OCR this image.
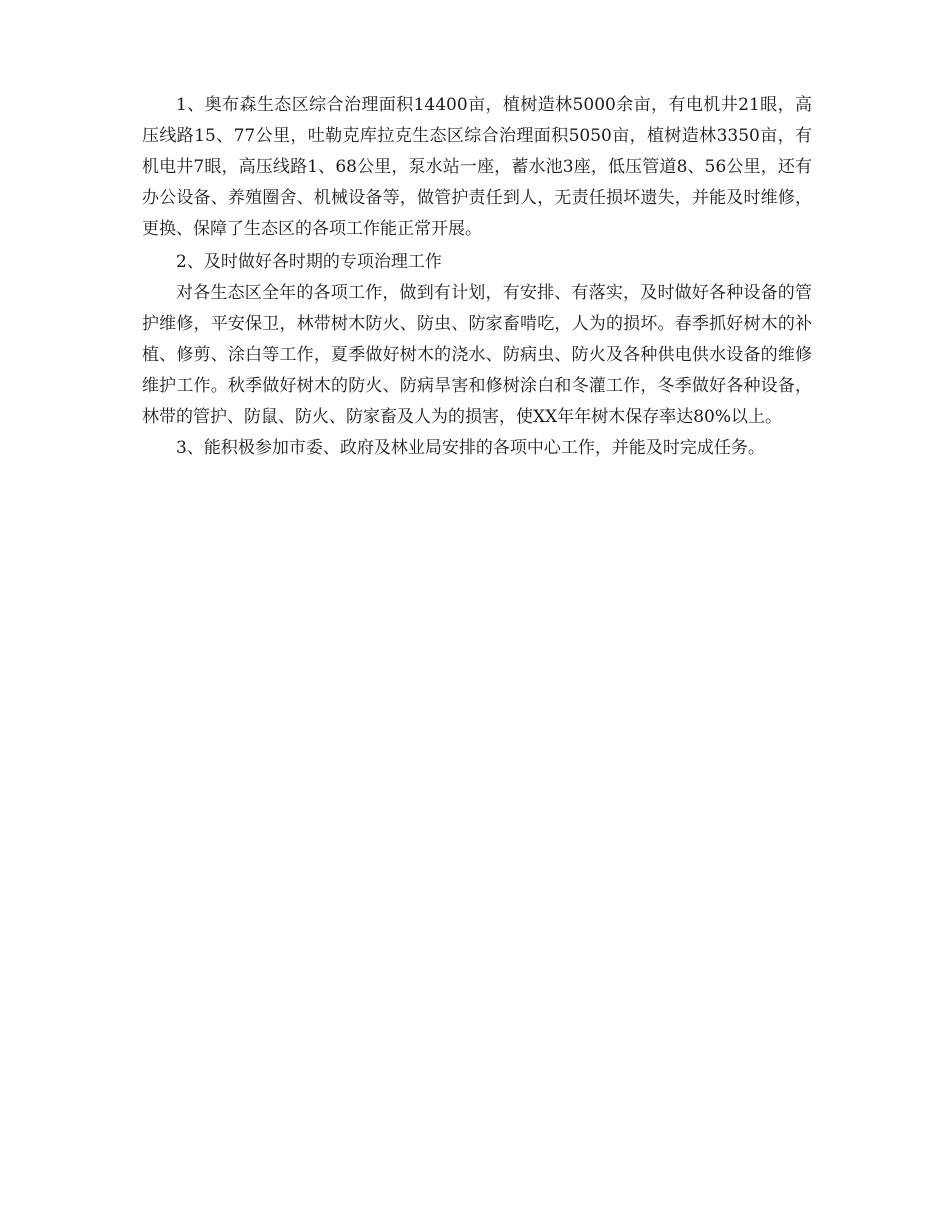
1、奥布森生态区综合治理面积14400亩，植树造林5000余亩，有电机井21眼，高压线路15、77公里，吐勒克库拉克生态区综合治理面积5050亩，植树造林3350亩，有机电井7眼，高压线路1、68公里，泵水站一座，蓄水池3座，低压管道8、56公里，还有办公设备、养殖圈舍、机械设备等，做管护责任到人，无责任损坏遗失，并能及时维修，更换、保障了生态区的各项工作能正常开展。

2、及时做好各时期的专项治理工作

对各生态区全年的各项工作，做到有计划，有安排、有落实，及时做好各种设备的管护维修，平安保卫，林带树木防火、防虫、防家畜啃吃，人为的损坏。春季抓好树木的补植、修剪、涂白等工作，夏季做好树木的浇水、防病虫、防火及各种供电供水设备的维修维护工作。秋季做好树木的防火、防病旱害和修树涂白和冬灌工作，冬季做好各种设备，林带的管护、防鼠、防火、防家畜及人为的损害，使XX年年树木保存率达80%以上。

3、能积极参加市委、政府及林业局安排的各项中心工作，并能及时完成任务。
